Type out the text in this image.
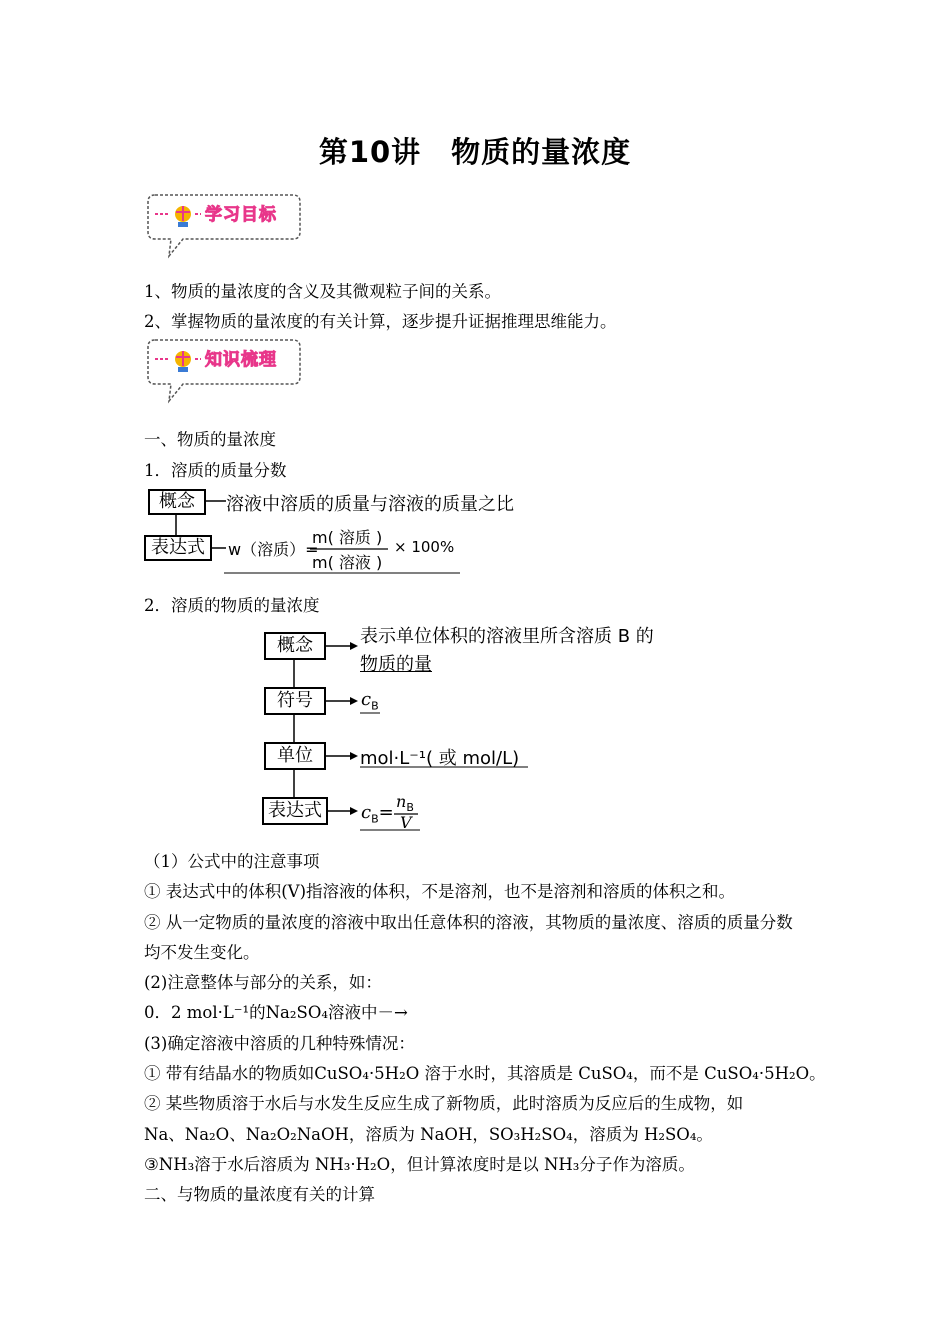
第10讲　物质的量浓度
学习目标
1、物质的量浓度的含义及其微观粒子间的关系。
2、掌握物质的量浓度的有关计算，逐步提升证据推理思维能力。
知识梳理
一、物质的量浓度
1．溶质的质量分数
概念	溶液中溶质的质量与溶液的质量之比
表达式	w（溶质）=
m( 溶质 )
m( 溶液 )
× 100%
2．溶质的物质的量浓度
概念	表示单位体积的溶液里所含溶质 B 的
物质的量
符号	$c_B$
单位	mol·L⁻¹( 或 mol/L)
表达式	$c_B=$
$n_B$
V
（1）公式中的注意事项
① 表达式中的体积(V)指溶液的体积，不是溶剂，也不是溶剂和溶质的体积之和。
② 从一定物质的量浓度的溶液中取出任意体积的溶液，其物质的量浓度、溶质的质量分数
均不发生变化。
(2)注意整体与部分的关系，如：
0．2 mol·L⁻¹的Na₂SO₄溶液中－→
(3)确定溶液中溶质的几种特殊情况：
① 带有结晶水的物质如CuSO₄·5H₂O 溶于水时，其溶质是 CuSO₄，而不是 CuSO₄·5H₂O。
② 某些物质溶于水后与水发生反应生成了新物质，此时溶质为反应后的生成物，如
Na、Na₂O、Na₂O₂NaOH，溶质为 NaOH，SO₃H₂SO₄，溶质为 H₂SO₄。
③NH₃溶于水后溶质为 NH₃·H₂O，但计算浓度时是以 NH₃分子作为溶质。
二、与物质的量浓度有关的计算
